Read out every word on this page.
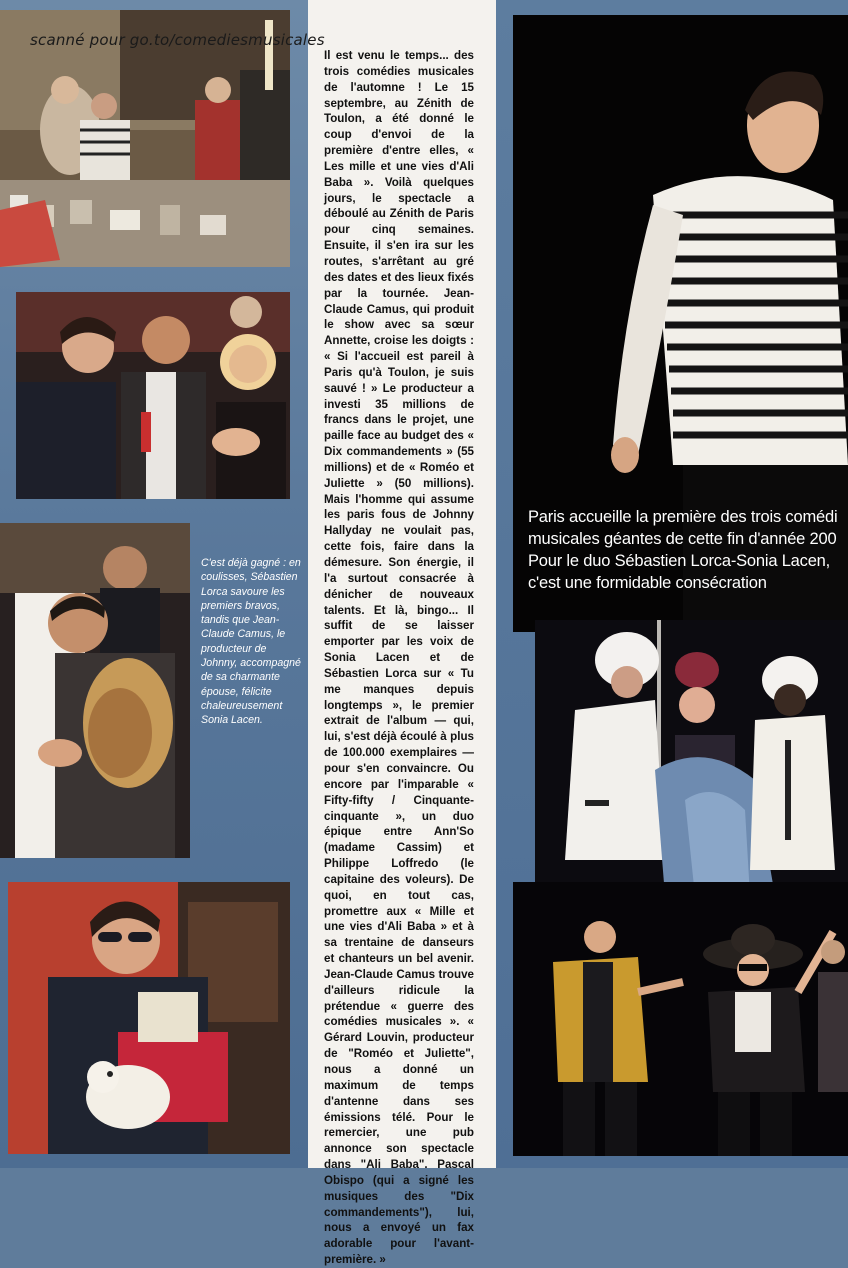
scanné pour go.to/comediesmusicales
C'est déjà gagné : en coulisses, Sébastien Lorca savoure les premiers bravos, tandis que Jean-Claude Camus, le producteur de Johnny, accompagné de sa charmante épouse, félicite chaleureusement Sonia Lacen.
Paris accueille la première des trois comédi
musicales géantes de cette fin d'année 200
Pour le duo Sébastien Lorca-Sonia Lacen,
c'est une formidable consécration
Il est venu le temps... des trois comédies musicales de l'automne ! Le 15 septembre, au Zénith de Toulon, a été donné le coup d'envoi de la première d'entre elles, « Les mille et une vies d'Ali Baba ». Voilà quelques jours, le spectacle a déboulé au Zénith de Paris pour cinq semaines. Ensuite, il s'en ira sur les routes, s'arrêtant au gré des dates et des lieux fixés par la tournée. Jean-Claude Camus, qui produit le show avec sa sœur Annette, croise les doigts : « Si l'accueil est pareil à Paris qu'à Toulon, je suis sauvé ! » Le producteur a investi 35 millions de francs dans le projet, une paille face au budget des « Dix commandements » (55 millions) et de « Roméo et Juliette » (50 millions). Mais l'homme qui assume les paris fous de Johnny Hallyday ne voulait pas, cette fois, faire dans la démesure. Son énergie, il l'a surtout consacrée à dénicher de nouveaux talents. Et là, bingo... Il suffit de se laisser emporter par les voix de Sonia Lacen et de Sébastien Lorca sur « Tu me manques depuis longtemps », le premier extrait de l'album — qui, lui, s'est déjà écoulé à plus de 100.000 exemplaires — pour s'en convaincre. Ou encore par l'imparable « Fifty-fifty / Cinquante-cinquante », un duo épique entre Ann'So (madame Cassim) et Philippe Loffredo (le capitaine des voleurs). De quoi, en tout cas, promettre aux « Mille et une vies d'Ali Baba » et à sa trentaine de danseurs et chanteurs un bel avenir. Jean-Claude Camus trouve d'ailleurs ridicule la prétendue « guerre des comédies musicales ». « Gérard Louvin, producteur de "Roméo et Juliette", nous a donné un maximum de temps d'antenne dans ses émissions télé. Pour le remercier, une pub annonce son spectacle dans "Ali Baba". Pascal Obispo (qui a signé les musiques des "Dix commandements"), lui, nous a envoyé un fax adorable pour l'avant-première. »
